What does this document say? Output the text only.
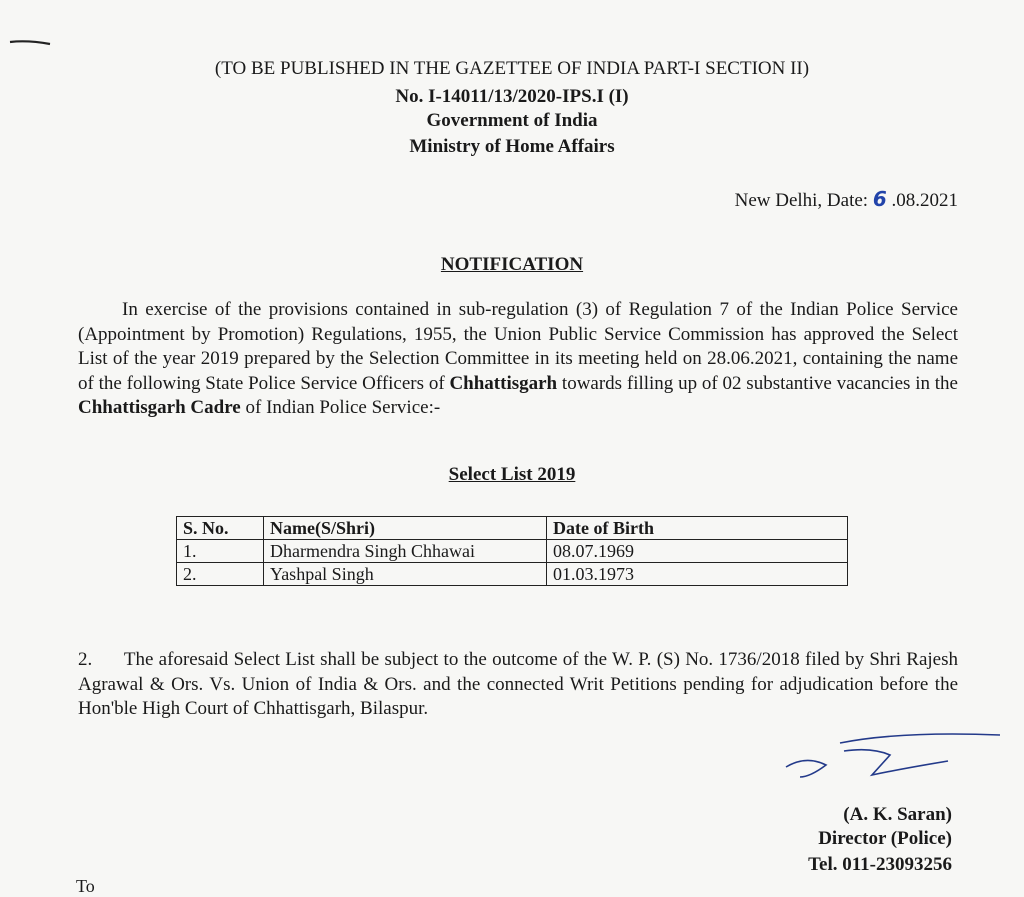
(TO BE PUBLISHED IN THE GAZETTEE OF INDIA PART-I SECTION II)
No. I-14011/13/2020-IPS.I (I)
Government of India
Ministry of Home Affairs
New Delhi, Date: 6 .08.2021
NOTIFICATION

In exercise of the provisions contained in sub-regulation (3) of Regulation 7 of the Indian Police Service (Appointment by Promotion) Regulations, 1955, the Union Public Service Commission has approved the Select List of the year 2019 prepared by the Selection Committee in its meeting held on 28.06.2021, containing the name of the following State Police Service Officers of Chhattisgarh towards filling up of 02 substantive vacancies in the Chhattisgarh Cadre of Indian Police Service:-

Select List 2019
S. No.	Name(S/Shri)	Date of Birth
1.	Dharmendra Singh Chhawai	08.07.1969
2.	Yashpal Singh	01.03.1973

2. The aforesaid Select List shall be subject to the outcome of the W. P. (S) No. 1736/2018 filed by Shri Rajesh Agrawal & Ors. Vs. Union of India & Ors. and the connected Writ Petitions pending for adjudication before the Hon'ble High Court of Chhattisgarh, Bilaspur.

(A. K. Saran)
Director (Police)
Tel. 011-23093256
To
